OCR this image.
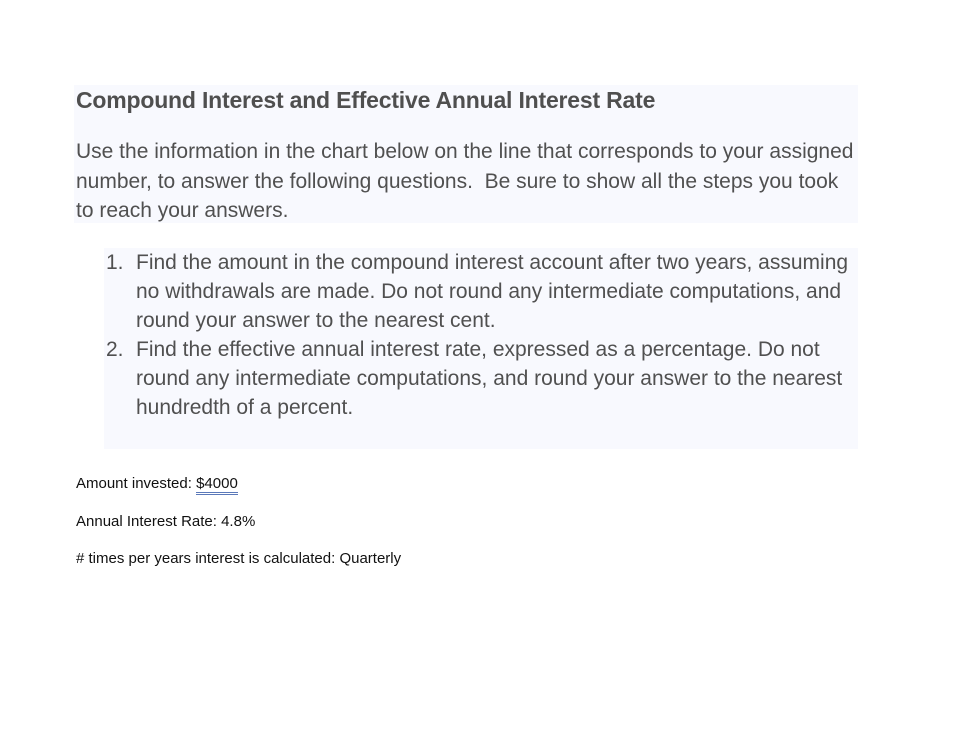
Compound Interest and Effective Annual Interest Rate

Use the information in the chart below on the line that corresponds to your assigned number, to answer the following questions.  Be sure to show all the steps you took to reach your answers.

1. Find the amount in the compound interest account after two years, assuming no withdrawals are made. Do not round any intermediate computations, and round your answer to the nearest cent.
2. Find the effective annual interest rate, expressed as a percentage. Do not round any intermediate computations, and round your answer to the nearest hundredth of a percent.
Amount invested: $4000
Annual Interest Rate: 4.8%
# times per years interest is calculated: Quarterly
